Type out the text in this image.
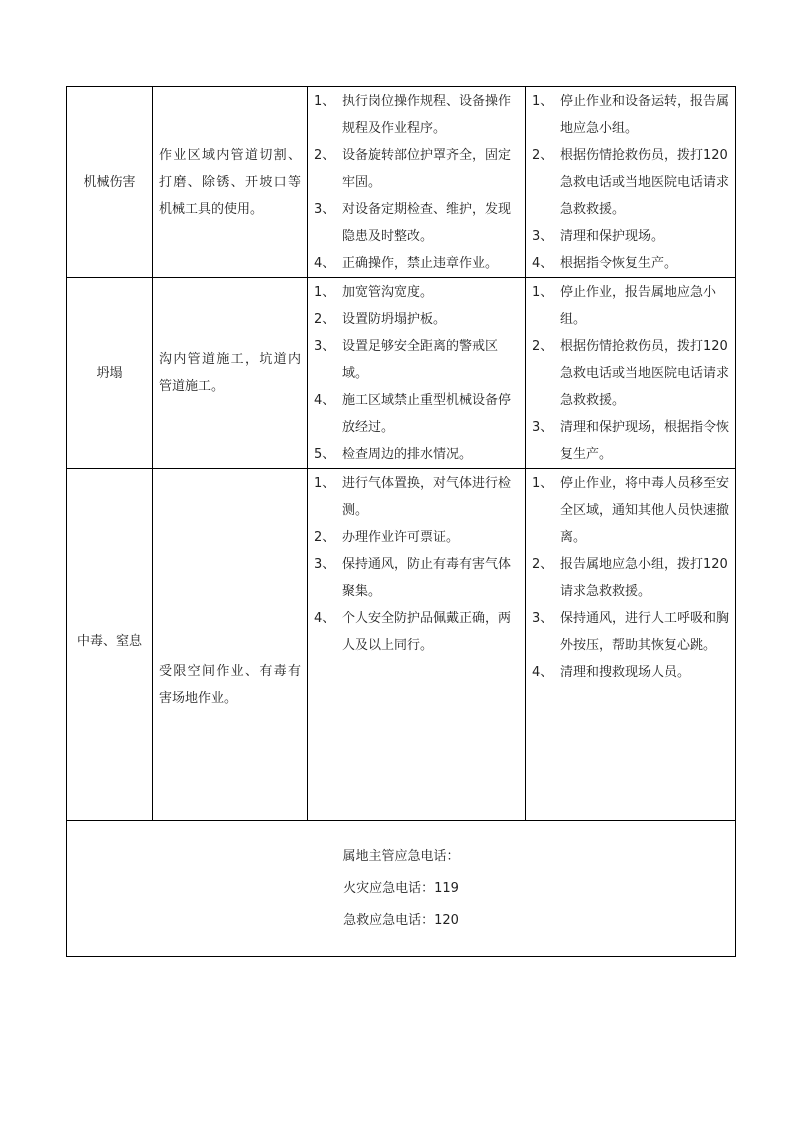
机械伤害	作业区域内管道切割、打磨、除锈、开坡口等机械工具的使用。	
1、 执行岗位操作规程、设备操作规程及作业程序。
2、 设备旋转部位护罩齐全，固定牢固。
3、 对设备定期检查、维护，发现隐患及时整改。
4、 正确操作，禁止违章作业。

1、 停止作业和设备运转，报告属地应急小组。
2、 根据伤情抢救伤员，拨打120急救电话或当地医院电话请求急救救援。
3、 清理和保护现场。
4、 根据指令恢复生产。

坍塌	沟内管道施工，坑道内管道施工。	
1、 加宽管沟宽度。
2、 设置防坍塌护板。
3、 设置足够安全距离的警戒区域。
4、 施工区域禁止重型机械设备停放经过。
5、 检查周边的排水情况。

1、 停止作业，报告属地应急小组。
2、 根据伤情抢救伤员，拨打120急救电话或当地医院电话请求急救救援。
3、 清理和保护现场，根据指令恢复生产。

中毒、窒息	受限空间作业、有毒有害场地作业。	
1、 进行气体置换，对气体进行检测。
2、 办理作业许可票证。
3、 保持通风，防止有毒有害气体聚集。
4、 个人安全防护品佩戴正确，两人及以上同行。

1、 停止作业，将中毒人员移至安全区域，通知其他人员快速撤离。
2、 报告属地应急小组，拨打120请求急救救援。
3、 保持通风，进行人工呼吸和胸外按压，帮助其恢复心跳。
4、 清理和搜救现场人员。

属地主管应急电话：
火灾应急电话：119
急救应急电话：120			
